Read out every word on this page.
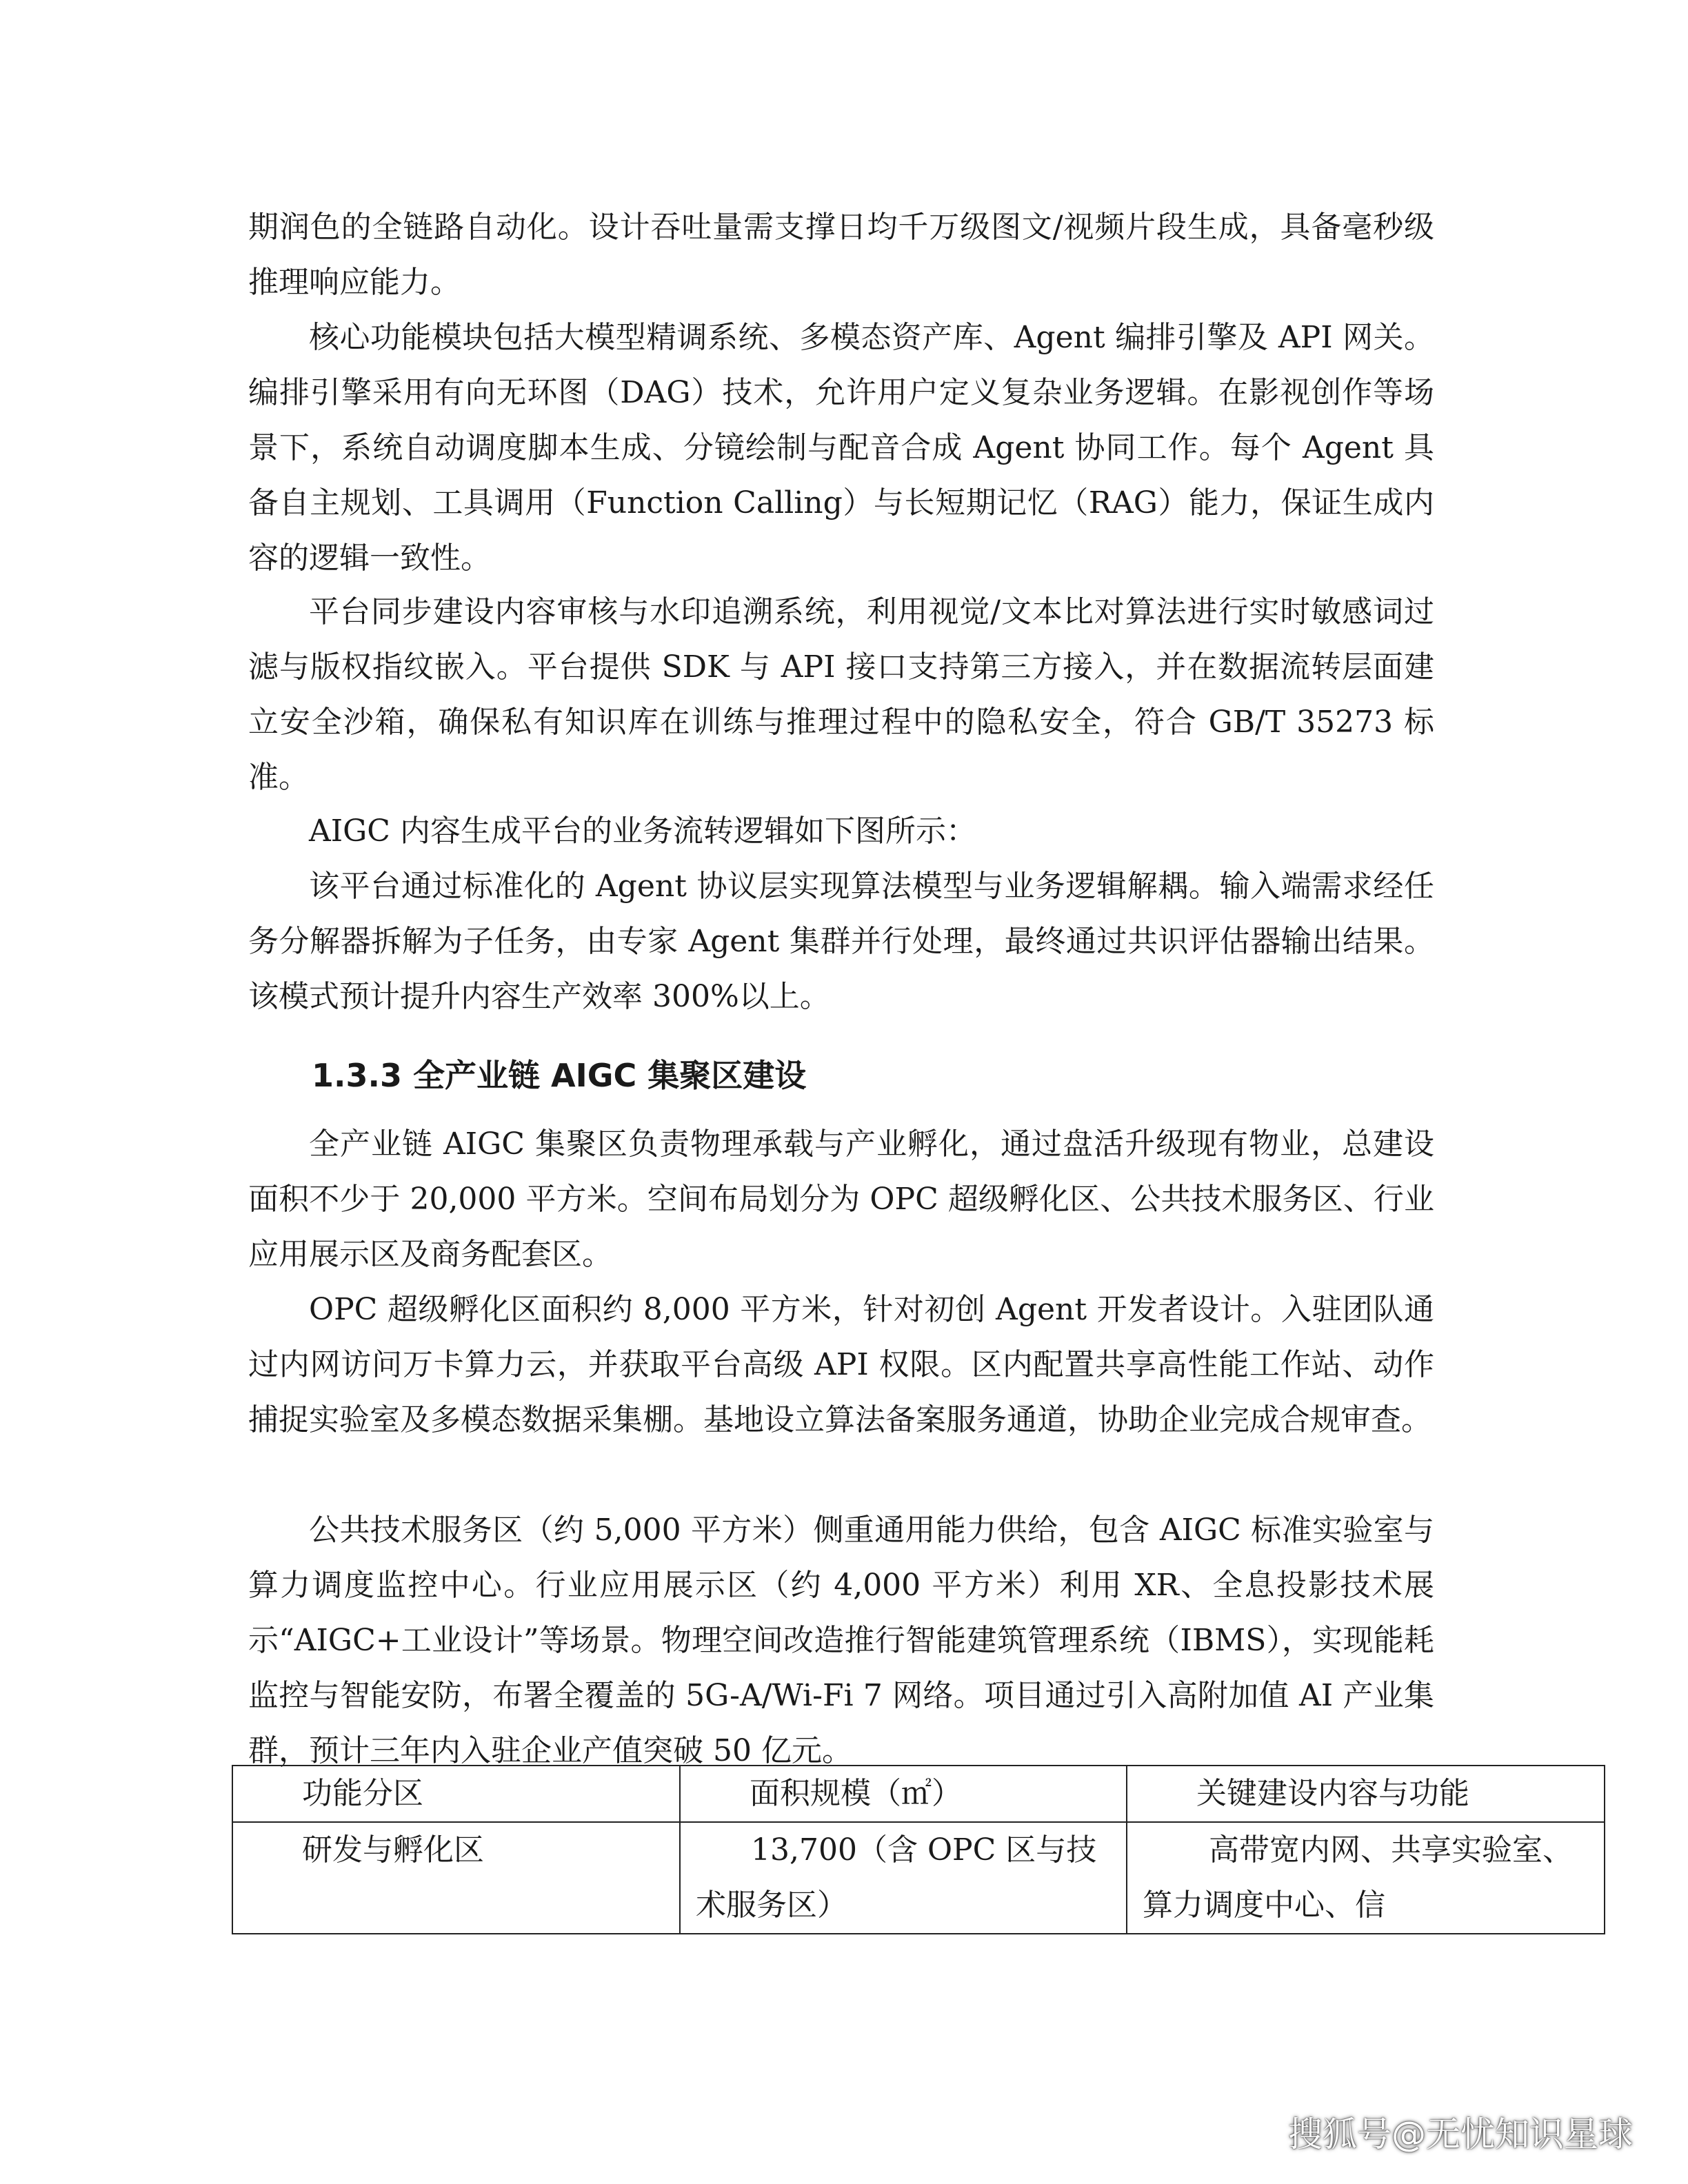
期润色的全链路自动化。设计吞吐量需支撑日均千万级图文/视频片段生成，具备毫秒级推理响应能力。

核心功能模块包括大模型精调系统、多模态资产库、Agent 编排引擎及 API 网关。编排引擎采用有向无环图（DAG）技术，允许用户定义复杂业务逻辑。在影视创作等场景下，系统自动调度脚本生成、分镜绘制与配音合成 Agent 协同工作。每个 Agent 具备自主规划、工具调用（Function Calling）与长短期记忆（RAG）能力，保证生成内容的逻辑一致性。

平台同步建设内容审核与水印追溯系统，利用视觉/文本比对算法进行实时敏感词过滤与版权指纹嵌入。平台提供 SDK 与 API 接口支持第三方接入，并在数据流转层面建立安全沙箱，确保私有知识库在训练与推理过程中的隐私安全，符合 GB/T 35273 标准。

AIGC 内容生成平台的业务流转逻辑如下图所示：

该平台通过标准化的 Agent 协议层实现算法模型与业务逻辑解耦。输入端需求经任务分解器拆解为子任务，由专家 Agent 集群并行处理，最终通过共识评估器输出结果。该模式预计提升内容生产效率 300%以上。

1.3.3 全产业链 AIGC 集聚区建设

全产业链 AIGC 集聚区负责物理承载与产业孵化，通过盘活升级现有物业，总建设面积不少于 20,000 平方米。空间布局划分为 OPC 超级孵化区、公共技术服务区、行业应用展示区及商务配套区。

OPC 超级孵化区面积约 8,000 平方米，针对初创 Agent 开发者设计。入驻团队通过内网访问万卡算力云，并获取平台高级 API 权限。区内配置共享高性能工作站、动作捕捉实验室及多模态数据采集棚。基地设立算法备案服务通道，协助企业完成合规审查。

公共技术服务区（约 5,000 平方米）侧重通用能力供给，包含 AIGC 标准实验室与算力调度监控中心。行业应用展示区（约 4,000 平方米）利用 XR、全息投影技术展示“AIGC+工业设计”等场景。物理空间改造推行智能建筑管理系统（IBMS），实现能耗监控与智能安防，布署全覆盖的 5G-A/Wi-Fi 7 网络。项目通过引入高附加值 AI 产业集群，预计三年内入驻企业产值突破 50 亿元。

功能分区	面积规模（㎡）	关键建设内容与功能

研发与孵化区	13,700（含 OPC 区与技术服务区）	高带宽内网、共享实验室、算力调度中心、信
搜狐号@无忧知识星球
